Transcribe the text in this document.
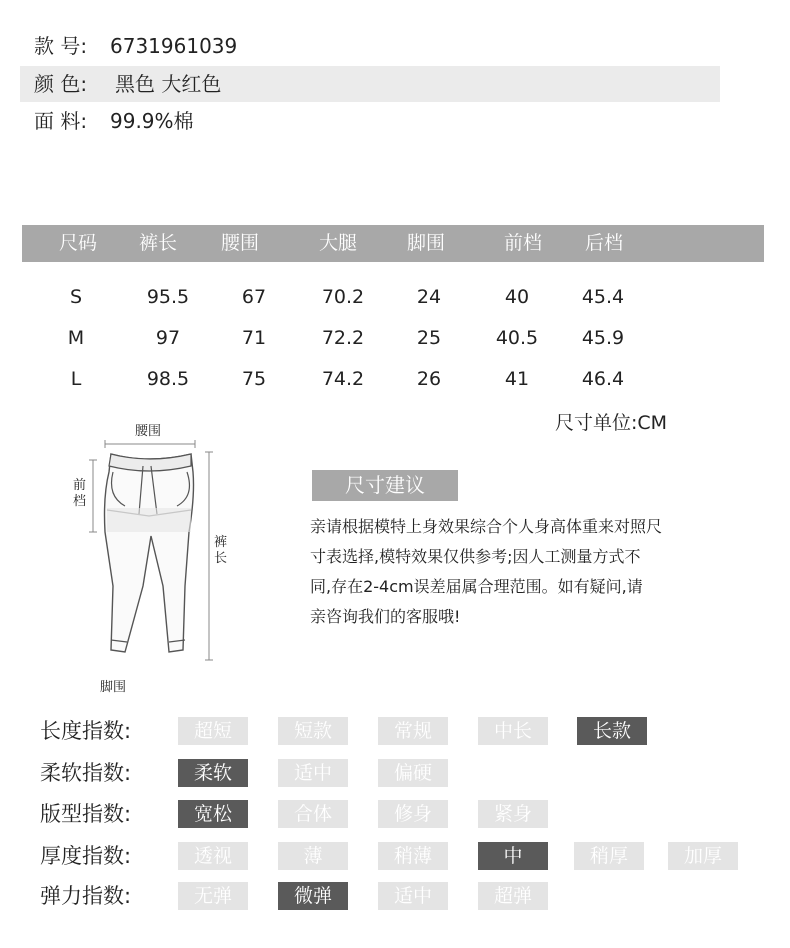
款 号:	6731961039
颜 色:	黑色 大红色
面 料:	99.9%棉
尺码	裤长	腰围	大腿	脚围	前档	后档
S	95.5	67	70.2	24	40	45.4
M	97	71	72.2	25	40.5	45.9
L	98.5	75	74.2	26	41	46.4
尺寸单位:CM
腰围
前档
裤长
脚围
尺寸建议
亲请根据模特上身效果综合个人身高体重来对照尺
寸表选择,模特效果仅供参考;因人工测量方式不
同,存在2-4cm误差届属合理范围。如有疑问,请
亲咨询我们的客服哦!
长度指数:	超短	短款	常规	中长	长款
柔软指数:	柔软	适中	偏硬
版型指数:	宽松	合体	修身	紧身
厚度指数:	透视	薄	稍薄	中	稍厚	加厚
弹力指数:	无弹	微弹	适中	超弹
